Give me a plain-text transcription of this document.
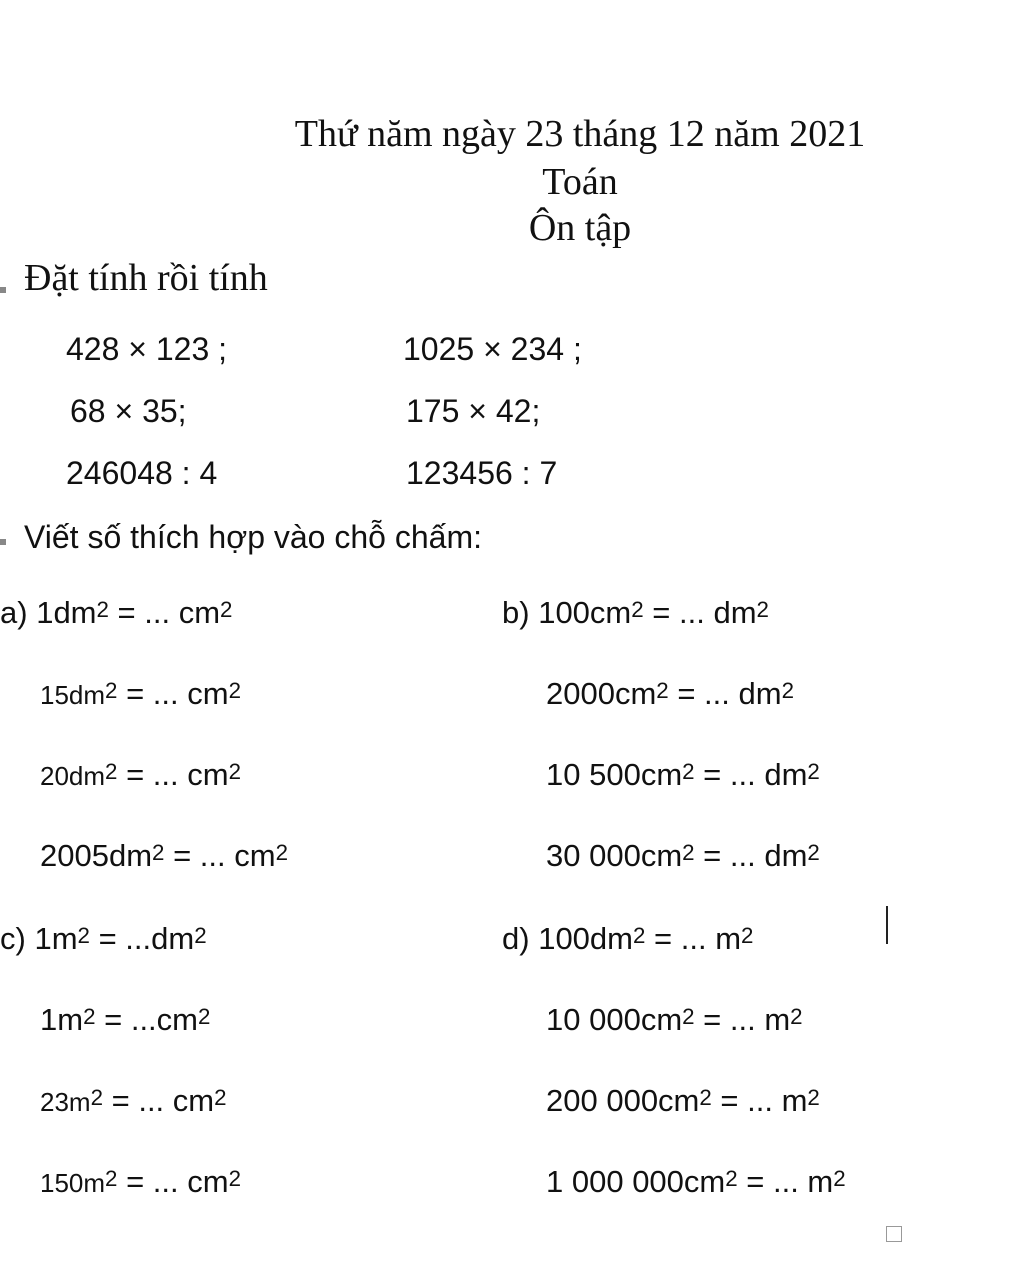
Thứ năm ngày 23 tháng 12 năm 2021
Toán
Ôn tập
Đặt tính rồi tính
428 × 123 ;	1025 × 234 ;
68 × 35;	175 × 42;
246048 : 4	123456 : 7
Viết số thích hợp vào chỗ chấm:
a) $1dm^2$ = ... $cm^2$
$15dm^2$ = ... $cm^2$
$20dm^2$ = ... $cm^2$
$2005dm^2$ = ... $cm^2$
b) $100cm^2$ = ... $dm^2$
$2000cm^2$ = ... $dm^2$
10 $500cm^2$ = ... $dm^2$
30 $000cm^2$ = ... $dm^2$
c) $1m^2 = ...dm^2$
$1m^2 = ...cm^2$
$23m^2$ = ... $cm^2$
$150m^2$ = ... $cm^2$
d) $100dm^2$ = ... $m^2$
10 $000cm^2$ = ... $m^2$
200 $000cm^2$ = ... $m^2$
1 000 $000cm^2$ = ... $m^2$
